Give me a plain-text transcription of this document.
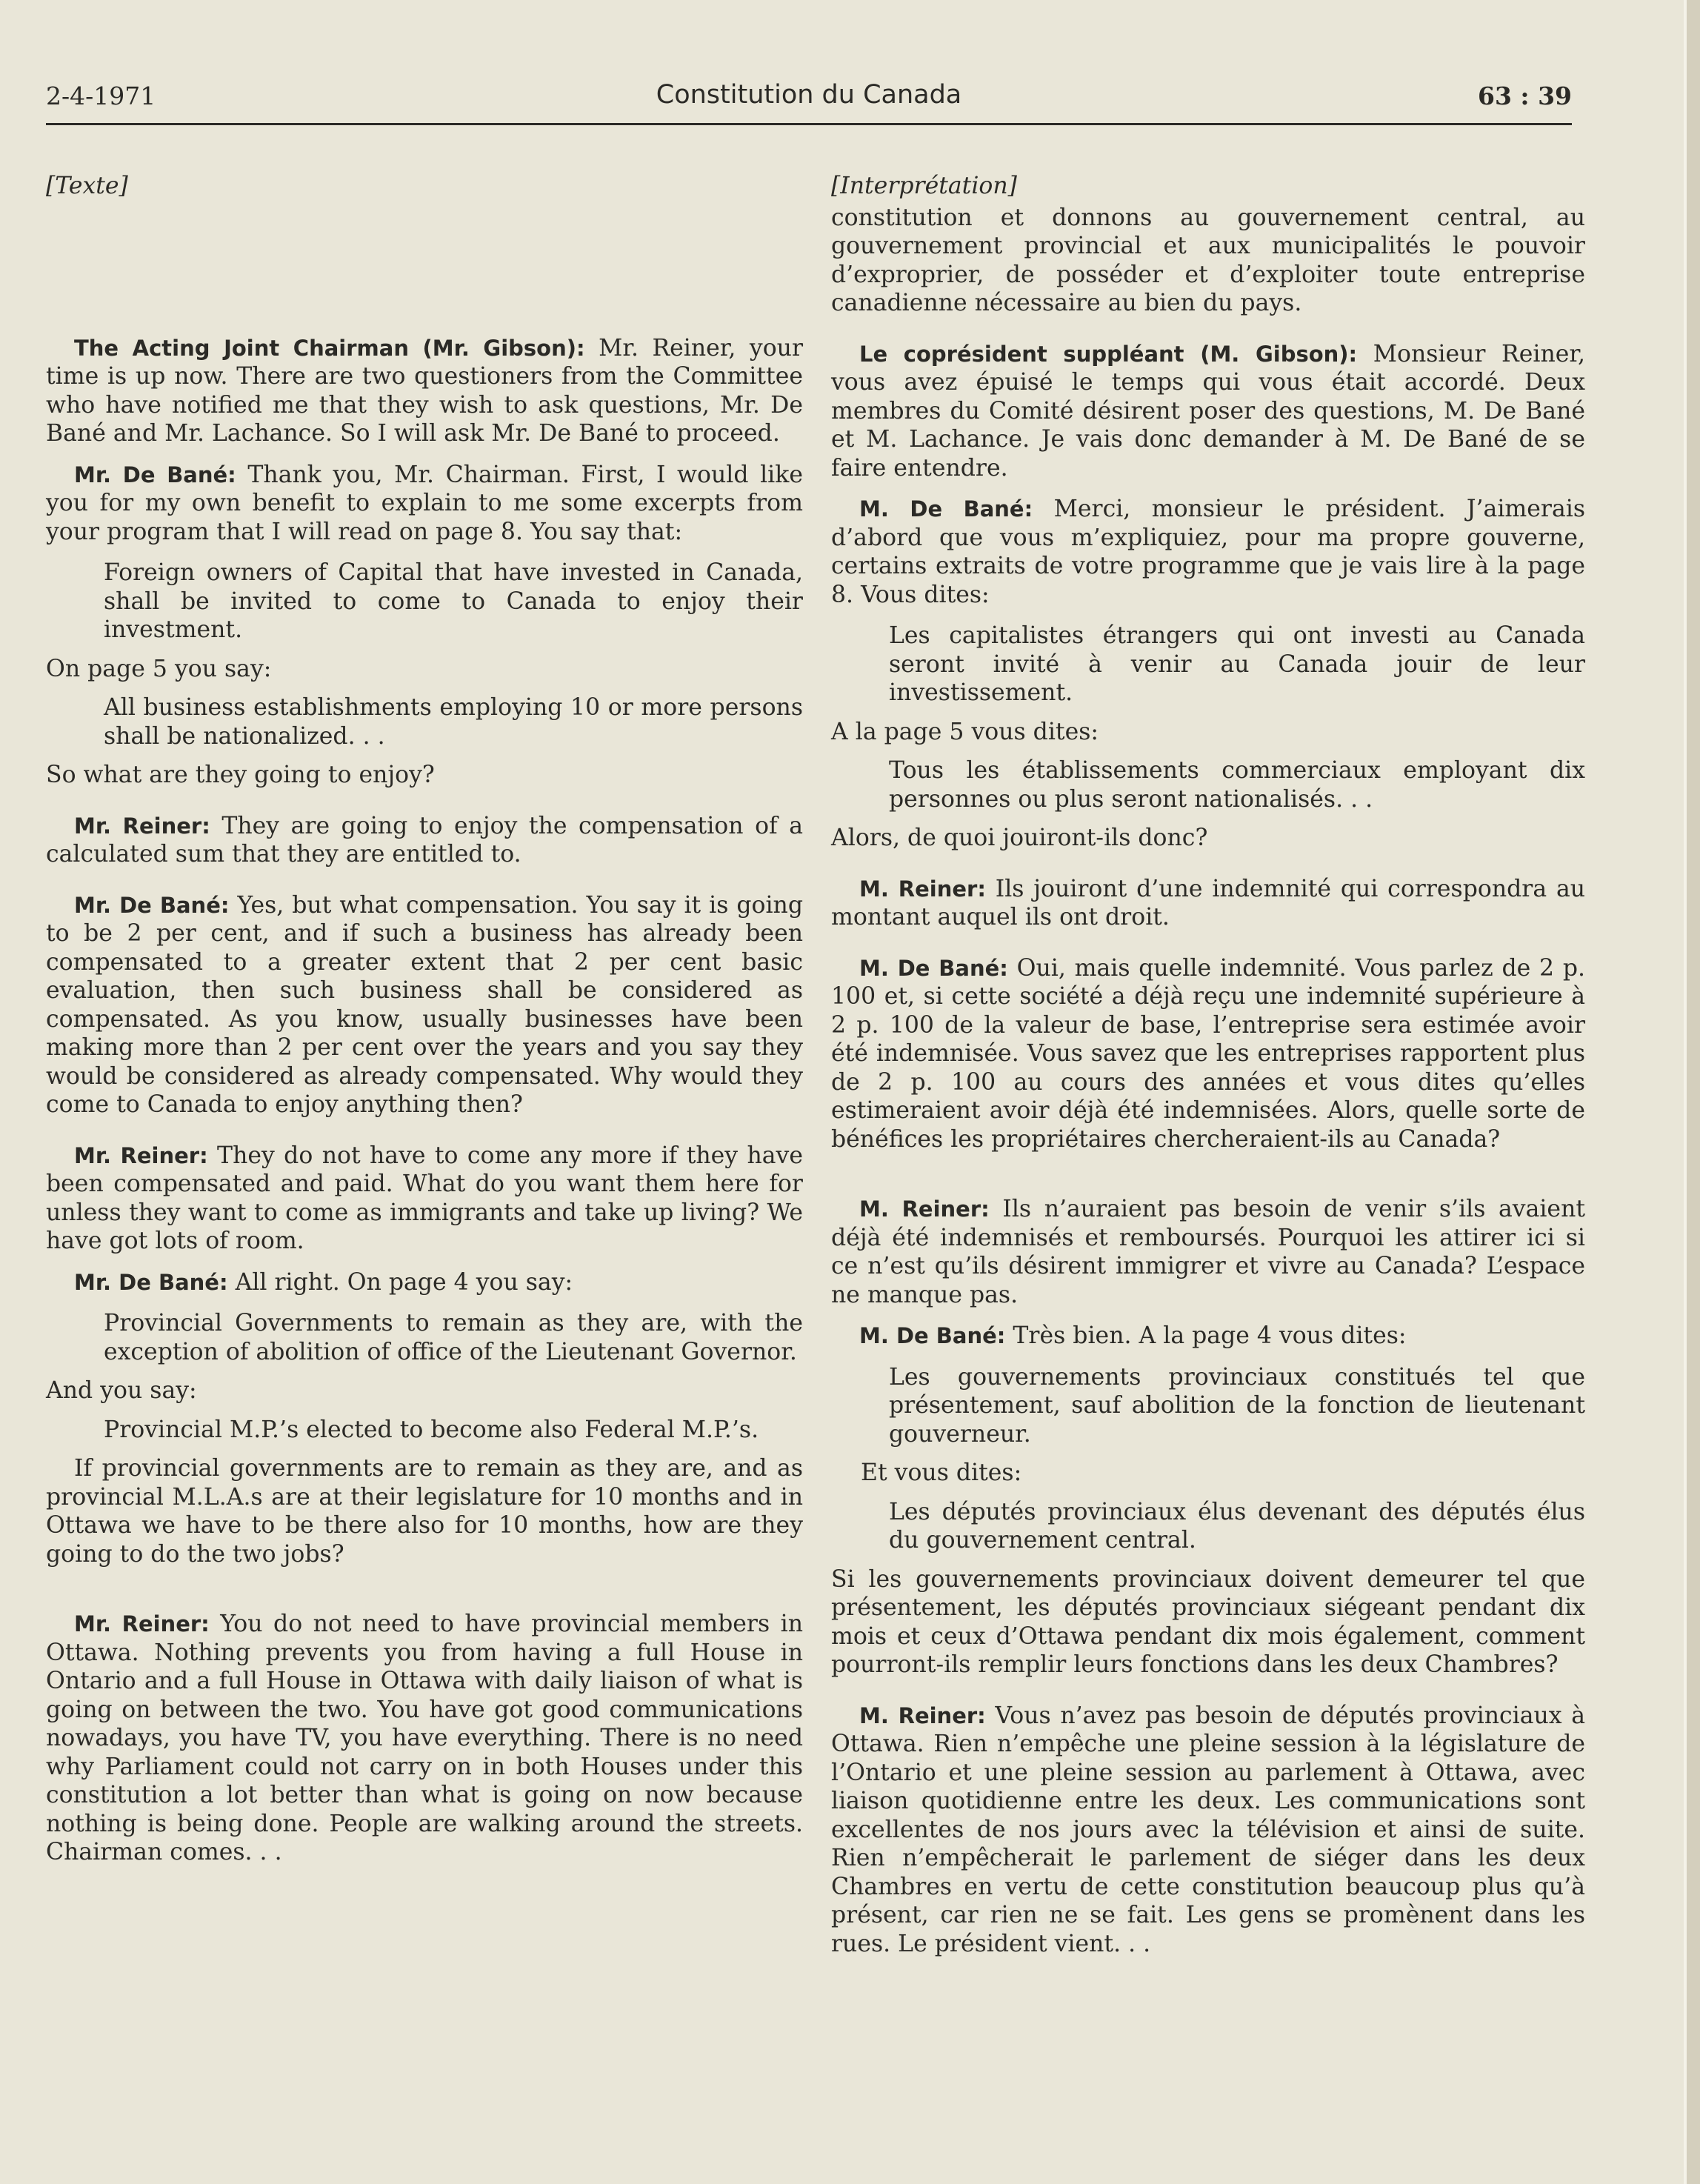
2-4-1971	Constitution du Canada	63 : 39

[Texte]

The Acting Joint Chairman (Mr. Gibson): Mr. Reiner, your time is up now. There are two questioners from the Committee who have notified me that they wish to ask questions, Mr. De Bané and Mr. Lachance. So I will ask Mr. De Bané to proceed.

Mr. De Bané: Thank you, Mr. Chairman. First, I would like you for my own benefit to explain to me some excerpts from your program that I will read on page 8. You say that:

Foreign owners of Capital that have invested in Canada, shall be invited to come to Canada to enjoy their investment.

On page 5 you say:

All business establishments employing 10 or more persons shall be nationalized. . .

So what are they going to enjoy?

Mr. Reiner: They are going to enjoy the compensation of a calculated sum that they are entitled to.

Mr. De Bané: Yes, but what compensation. You say it is going to be 2 per cent, and if such a business has already been compensated to a greater extent that 2 per cent basic evaluation, then such business shall be considered as compensated. As you know, usually businesses have been making more than 2 per cent over the years and you say they would be considered as already compensated. Why would they come to Canada to enjoy anything then?

Mr. Reiner: They do not have to come any more if they have been compensated and paid. What do you want them here for unless they want to come as immigrants and take up living? We have got lots of room.

Mr. De Bané: All right. On page 4 you say:

Provincial Governments to remain as they are, with the exception of abolition of office of the Lieutenant Governor.

And you say:

Provincial M.P.’s elected to become also Federal M.P.’s.

If provincial governments are to remain as they are, and as provincial M.L.A.s are at their legislature for 10 months and in Ottawa we have to be there also for 10 months, how are they going to do the two jobs?

Mr. Reiner: You do not need to have provincial members in Ottawa. Nothing prevents you from having a full House in Ontario and a full House in Ottawa with daily liaison of what is going on between the two. You have got good communications nowadays, you have TV, you have everything. There is no need why Parliament could not carry on in both Houses under this constitution a lot better than what is going on now because nothing is being done. People are walking around the streets. Chairman comes. . .

[Interprétation]

constitution et donnons au gouvernement central, au gouvernement provincial et aux municipalités le pouvoir d’exproprier, de posséder et d’exploiter toute entreprise canadienne nécessaire au bien du pays.

Le coprésident suppléant (M. Gibson): Monsieur Reiner, vous avez épuisé le temps qui vous était accordé. Deux membres du Comité désirent poser des questions, M. De Bané et M. Lachance. Je vais donc demander à M. De Bané de se faire entendre.

M. De Bané: Merci, monsieur le président. J’aimerais d’abord que vous m’expliquiez, pour ma propre gouverne, certains extraits de votre programme que je vais lire à la page 8. Vous dites:

Les capitalistes étrangers qui ont investi au Canada seront invité à venir au Canada jouir de leur investissement.

A la page 5 vous dites:

Tous les établissements commerciaux employant dix personnes ou plus seront nationalisés. . .

Alors, de quoi jouiront-ils donc?

M. Reiner: Ils jouiront d’une indemnité qui correspondra au montant auquel ils ont droit.

M. De Bané: Oui, mais quelle indemnité. Vous parlez de 2 p. 100 et, si cette société a déjà reçu une indemnité supérieure à 2 p. 100 de la valeur de base, l’entreprise sera estimée avoir été indemnisée. Vous savez que les entreprises rapportent plus de 2 p. 100 au cours des années et vous dites qu’elles estimeraient avoir déjà été indemnisées. Alors, quelle sorte de bénéfices les propriétaires chercheraient-ils au Canada?

M. Reiner: Ils n’auraient pas besoin de venir s’ils avaient déjà été indemnisés et remboursés. Pourquoi les attirer ici si ce n’est qu’ils désirent immigrer et vivre au Canada? L’espace ne manque pas.

M. De Bané: Très bien. A la page 4 vous dites:

Les gouvernements provinciaux constitués tel que présentement, sauf abolition de la fonction de lieutenant gouverneur.

Et vous dites:

Les députés provinciaux élus devenant des députés élus du gouvernement central.

Si les gouvernements provinciaux doivent demeurer tel que présentement, les députés provinciaux siégeant pendant dix mois et ceux d’Ottawa pendant dix mois également, comment pourront-ils remplir leurs fonctions dans les deux Chambres?

M. Reiner: Vous n’avez pas besoin de députés provinciaux à Ottawa. Rien n’empêche une pleine session à la législature de l’Ontario et une pleine session au parlement à Ottawa, avec liaison quotidienne entre les deux. Les communications sont excellentes de nos jours avec la télévision et ainsi de suite. Rien n’empêcherait le parlement de siéger dans les deux Chambres en vertu de cette constitution beaucoup plus qu’à présent, car rien ne se fait. Les gens se promènent dans les rues. Le président vient. . .
